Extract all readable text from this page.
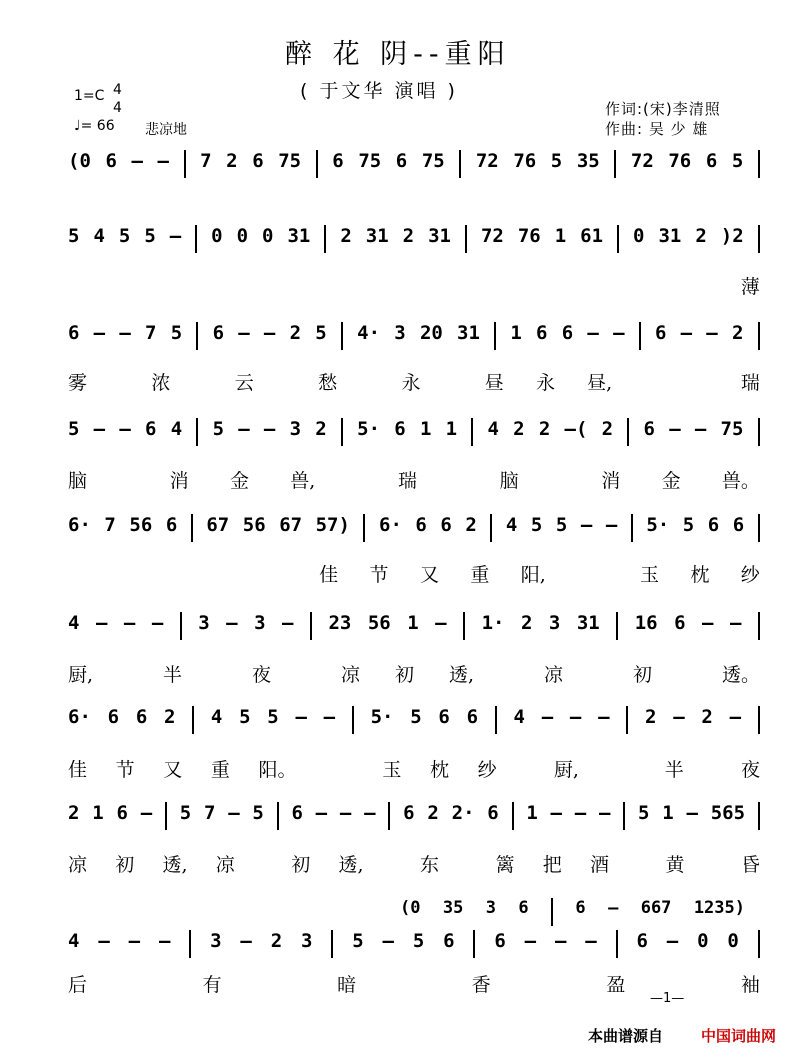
醉 花 阴--重阳
( 于文华 演唱 )
1=C 4
4
♩= 66 悲凉地
作词:(宋)李清照
作曲: 吴 少 雄
(0 6 – – 7 2 6 75 6 75 6 75 72 76 5 35 72 76 6 5
5 4 5 5 – 0 0 0 31 2 31 2 31 72 76 1 61 0 31 2 )2
薄
6 – – 7 5 6 – – 2 5 4· 3 20 31 1 6 6 – – 6 – – 2
雾	浓	云	愁	永	昼 永 昼,	瑞
5 – – 6 4 5 – – 3 2 5· 6 1 1 4 2 2 –( 2 6 – – 75
脑	消 金 兽,	瑞	脑	消 金 兽。
6· 7 56 6 67 56 67 57) 6· 6 6 2 4 5 5 – – 5· 5 6 6
佳 节 又 重 阳,	玉 枕 纱
4 – – – 3 – 3 – 23 56 1 – 1· 2 3 31 16 6 – –
厨,	半	夜	凉 初 透,	凉	初	透。
6· 6 6 2 4 5 5 – – 5· 5 6 6 4 – – – 2 – 2 –
佳 节 又 重 阳。	玉 枕 纱	厨,	半	夜
2 1 6 – 5 7 – 5 6 – – – 6 2 2· 6 1 – – – 5 1 – 565
凉 初 透, 凉	初 透,	东	篱 把 酒	黄	昏
4 – – – 3 – 2 3 5 – 5 6 6 – – – 6 – 0 0
后	有	暗	香	盈	袖
(0 35 3 6	6 – 667 1235)
—1—
本曲谱源自	中国词曲网
